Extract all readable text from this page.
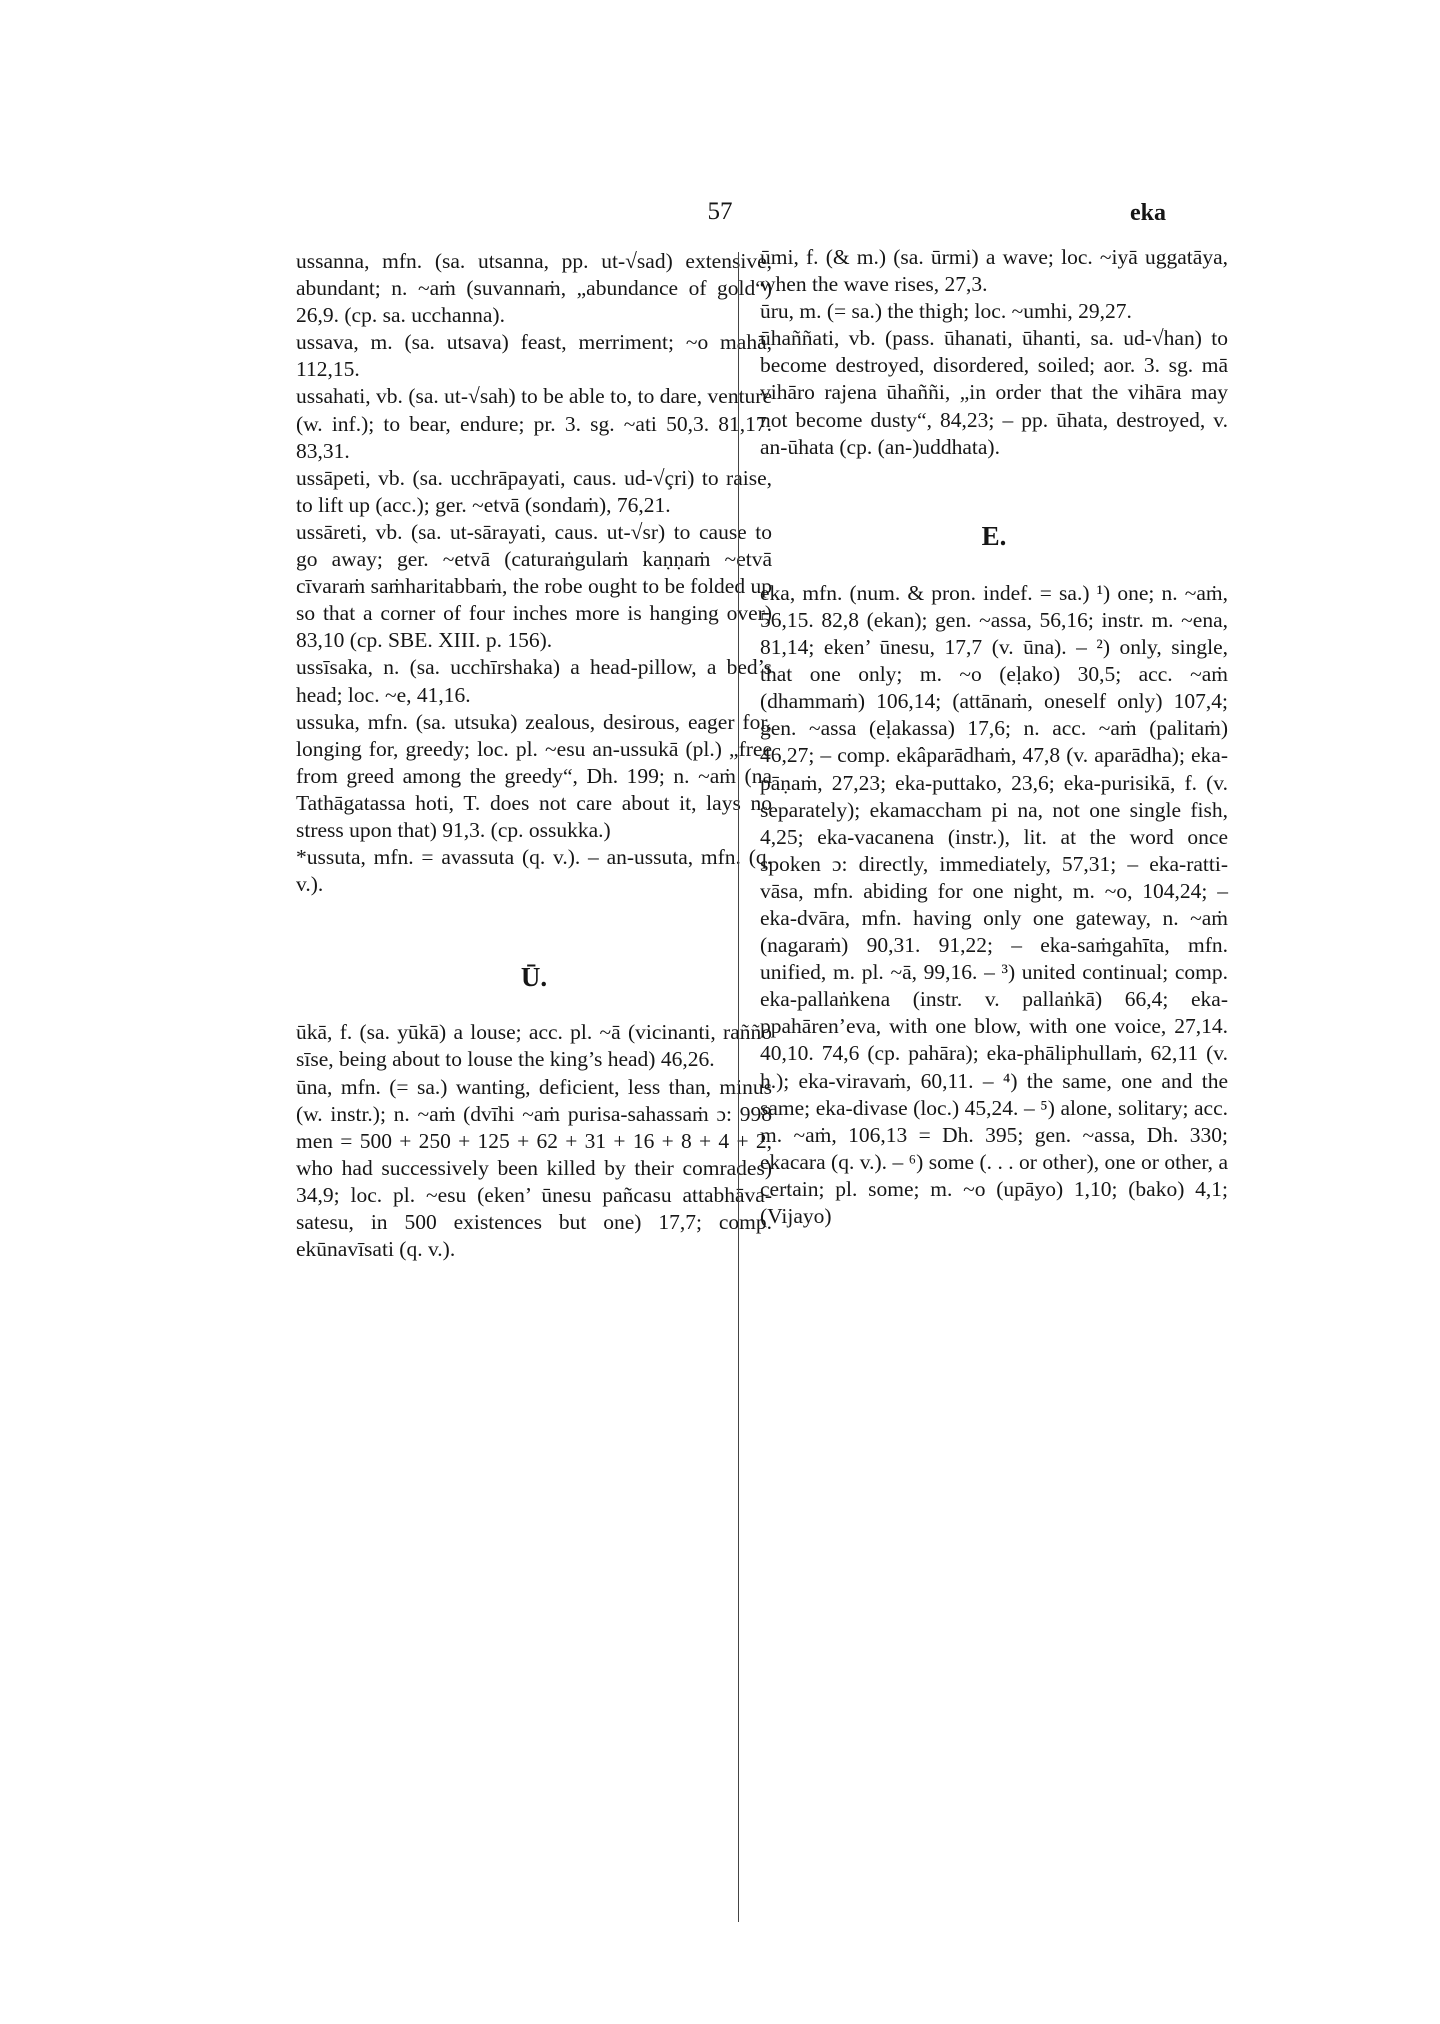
57	eka

ussanna, mfn. (sa. utsanna, pp. ut-√sad) extensive, abundant; n. ~aṁ (suvannaṁ, „abundance of gold“) 26,9. (cp. sa. ucchanna).

ussava, m. (sa. utsava) feast, merriment; ~o mahā, 112,15.

ussahati, vb. (sa. ut-√sah) to be able to, to dare, venture (w. inf.); to bear, endure; pr. 3. sg. ~ati 50,3. 81,17. 83,31.

ussāpeti, vb. (sa. ucchrāpayati, caus. ud-√çri) to raise, to lift up (acc.); ger. ~etvā (sondaṁ), 76,21.

ussāreti, vb. (sa. ut-sārayati, caus. ut-√sr) to cause to go away; ger. ~etvā (caturaṅgulaṁ kaṇṇaṁ ~etvā cīvaraṁ saṁharitabbaṁ, the robe ought to be folded up so that a corner of four inches more is hanging over) 83,10 (cp. SBE. XIII. p. 156).

ussīsaka, n. (sa. ucchīrshaka) a head-pillow, a bed’s head; loc. ~e, 41,16.

ussuka, mfn. (sa. utsuka) zealous, desirous, eager for, longing for, greedy; loc. pl. ~esu an-ussukā (pl.) „free from greed among the greedy“, Dh. 199; n. ~aṁ (na Tathāgatassa hoti, T. does not care about it, lays no stress upon that) 91,3. (cp. ossukka.)

*ussuta, mfn. = avassuta (q. v.). – an-ussuta, mfn. (q. v.).

Ū.

ūkā, f. (sa. yūkā) a louse; acc. pl. ~ā (vicinanti, rañño sīse, being about to louse the king’s head) 46,26.

ūna, mfn. (= sa.) wanting, deficient, less than, minus (w. instr.); n. ~aṁ (dvīhi ~aṁ purisa-sahassaṁ ɔ: 998 men = 500 + 250 + 125 + 62 + 31 + 16 + 8 + 4 + 2, who had successively been killed by their comrades) 34,9; loc. pl. ~esu (eken’ ūnesu pañcasu attabhāva-satesu, in 500 existences but one) 17,7; comp. ekūnavīsati (q. v.).

ūmi, f. (& m.) (sa. ūrmi) a wave; loc. ~iyā uggatāya, when the wave rises, 27,3.

ūru, m. (= sa.) the thigh; loc. ~umhi, 29,27.

ūhaññati, vb. (pass. ūhanati, ūhanti, sa. ud-√han) to become destroyed, disordered, soiled; aor. 3. sg. mā vihāro rajena ūhaññi, „in order that the vihāra may not become dusty“, 84,23; – pp. ūhata, destroyed, v. an-ūhata (cp. (an-)uddhata).

E.

eka, mfn. (num. & pron. indef. = sa.) ¹) one; n. ~aṁ, 56,15. 82,8 (ekan); gen. ~assa, 56,16; instr. m. ~ena, 81,14; eken’ ūnesu, 17,7 (v. ūna). – ²) only, single, that one only; m. ~o (eḷako) 30,5; acc. ~aṁ (dhammaṁ) 106,14; (attānaṁ, oneself only) 107,4; gen. ~assa (eḷakassa) 17,6; n. acc. ~aṁ (palitaṁ) 46,27; – comp. ekâparādhaṁ, 47,8 (v. aparādha); eka-pāṇaṁ, 27,23; eka-puttako, 23,6; eka-purisikā, f. (v. separately); ekamaccham pi na, not one single fish, 4,25; eka-vacanena (instr.), lit. at the word once spoken ɔ: directly, immediately, 57,31; – eka-ratti-vāsa, mfn. abiding for one night, m. ~o, 104,24; – eka-dvāra, mfn. having only one gateway, n. ~aṁ (nagaraṁ) 90,31. 91,22; – eka-saṁgahīta, mfn. unified, m. pl. ~ā, 99,16. – ³) united continual; comp. eka-pallaṅkena (instr. v. pallaṅkā) 66,4; eka-ppahāren’eva, with one blow, with one voice, 27,14. 40,10. 74,6 (cp. pahāra); eka-phāliphullaṁ, 62,11 (v. h.); eka-viravaṁ, 60,11. – ⁴) the same, one and the same; eka-divase (loc.) 45,24. – ⁵) alone, solitary; acc. m. ~aṁ, 106,13 = Dh. 395; gen. ~assa, Dh. 330; ekacara (q. v.). – ⁶) some (. . . or other), one or other, a certain; pl. some; m. ~o (upāyo) 1,10; (bako) 4,1; (Vijayo)
